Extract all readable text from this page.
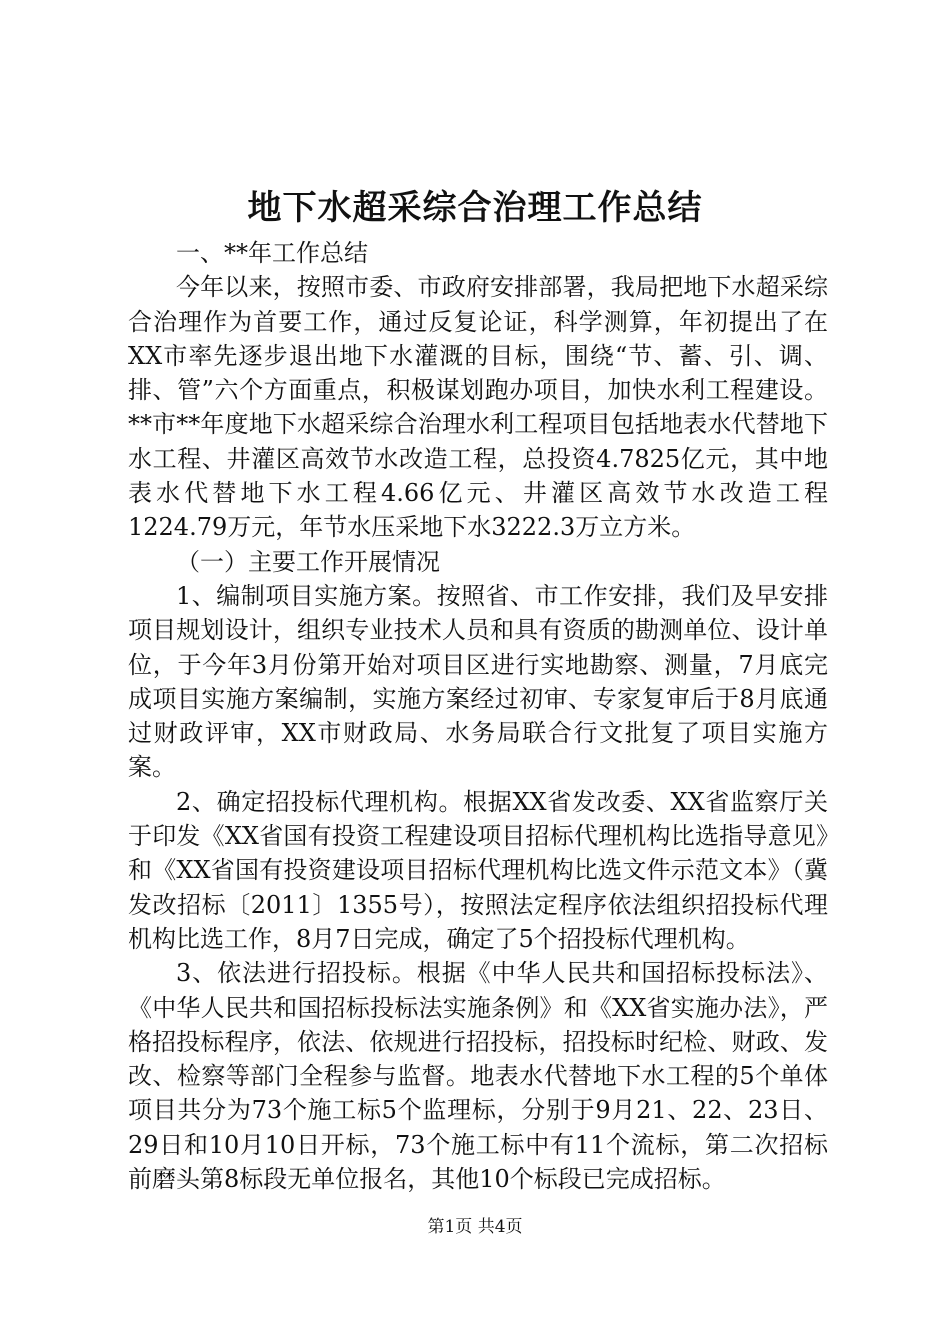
地下水超采综合治理工作总结

一、**年工作总结

今年以来，按照市委、市政府安排部署，我局把地下水超采综合治理作为首要工作，通过反复论证，科学测算，年初提出了在XX市率先逐步退出地下水灌溉的目标，围绕“节、蓄、引、调、排、管”六个方面重点，积极谋划跑办项目，加快水利工程建设。**市**年度地下水超采综合治理水利工程项目包括地表水代替地下水工程、井灌区高效节水改造工程，总投资4.7825亿元，其中地表水代替地下水工程4.66亿元、井灌区高效节水改造工程1224.79万元，年节水压采地下水3222.3万立方米。

（一）主要工作开展情况

1、编制项目实施方案。按照省、市工作安排，我们及早安排项目规划设计，组织专业技术人员和具有资质的勘测单位、设计单位，于今年3月份第开始对项目区进行实地勘察、测量，7月底完成项目实施方案编制，实施方案经过初审、专家复审后于8月底通过财政评审，XX市财政局、水务局联合行文批复了项目实施方案。

2、确定招投标代理机构。根据XX省发改委、XX省监察厅关于印发《XX省国有投资工程建设项目招标代理机构比选指导意见》和《XX省国有投资建设项目招标代理机构比选文件示范文本》（冀发改招标〔2011〕1355号），按照法定程序依法组织招投标代理机构比选工作，8月7日完成，确定了5个招投标代理机构。

3、依法进行招投标。根据《中华人民共和国招标投标法》、《中华人民共和国招标投标法实施条例》和《XX省实施办法》，严格招投标程序，依法、依规进行招投标，招投标时纪检、财政、发改、检察等部门全程参与监督。地表水代替地下水工程的5个单体项目共分为73个施工标5个监理标，分别于9月21、22、23日、29日和10月10日开标，73个施工标中有11个流标，第二次招标前磨头第8标段无单位报名，其他10个标段已完成招标。

第1页 共4页
